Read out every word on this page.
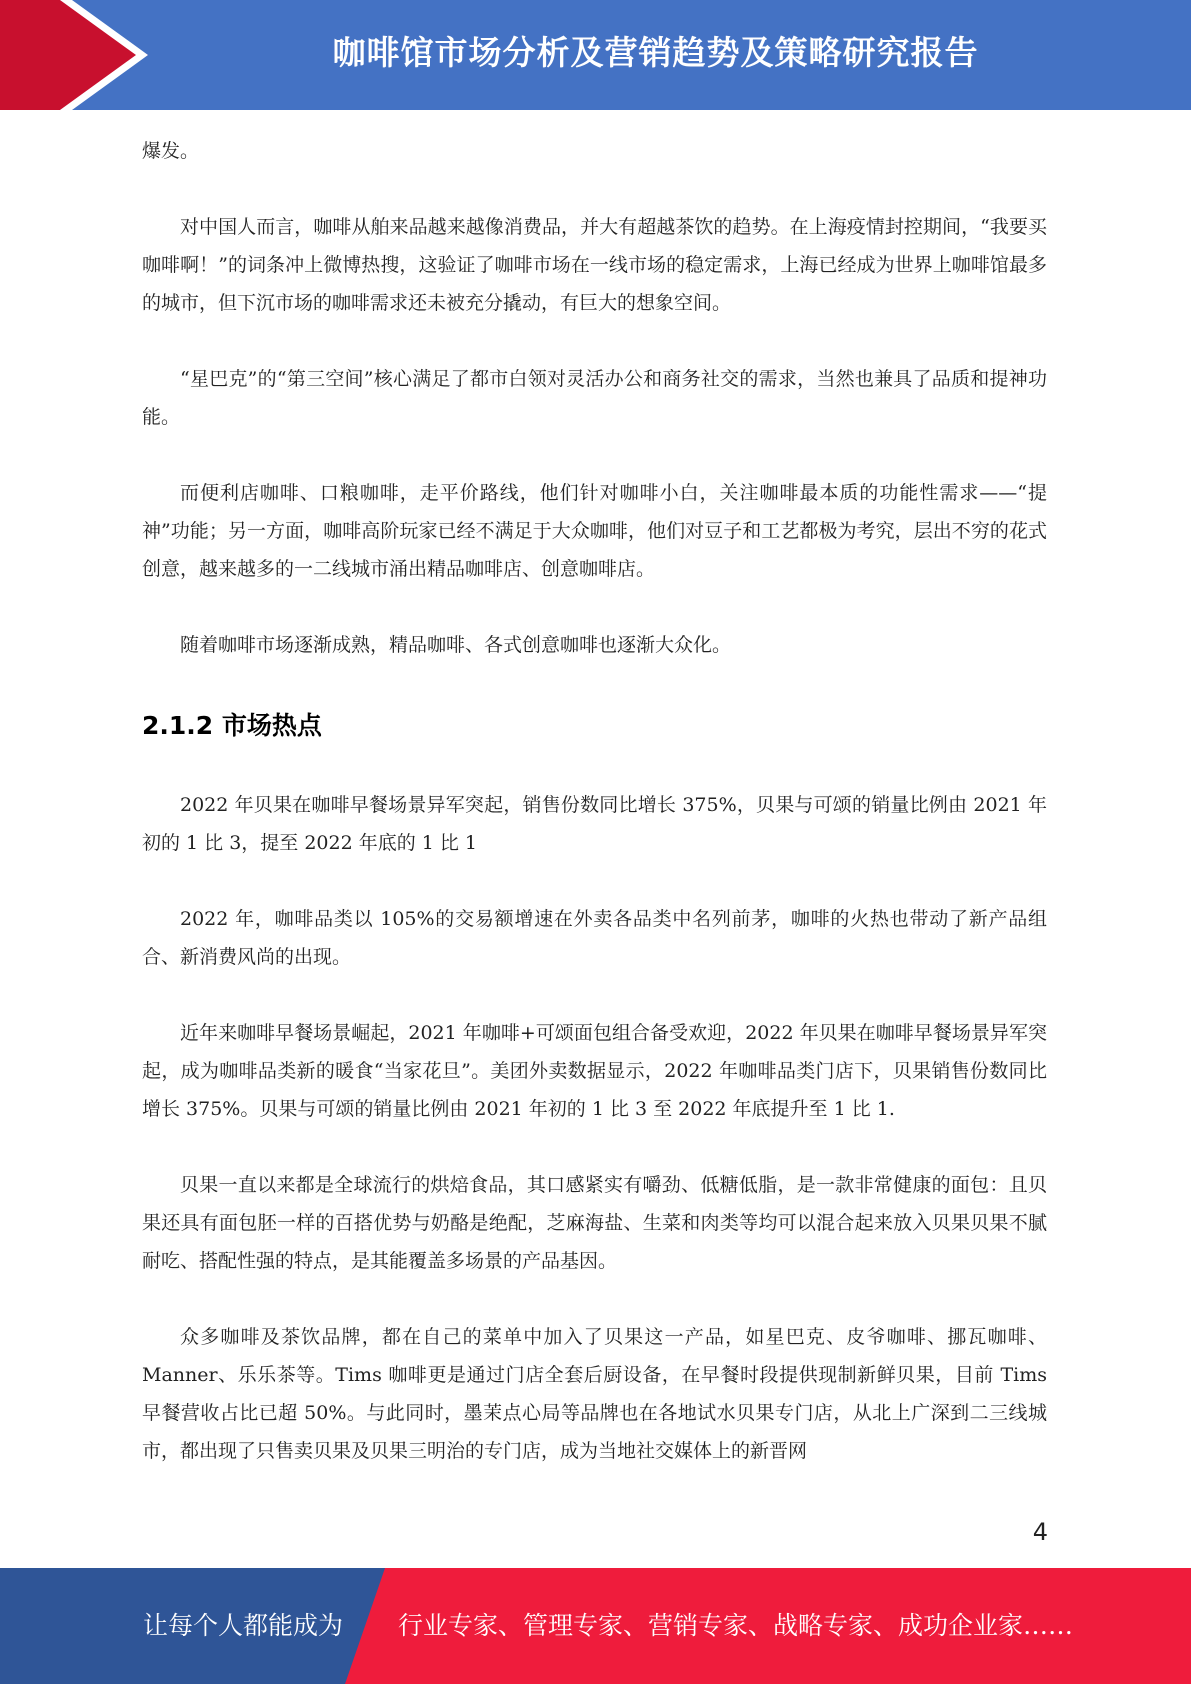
咖啡馆市场分析及营销趋势及策略研究报告

爆发。

对中国人而言，咖啡从舶来品越来越像消费品，并大有超越茶饮的趋势。在上海疫情封控期间，“我要买咖啡啊！”的词条冲上微博热搜，这验证了咖啡市场在一线市场的稳定需求，上海已经成为世界上咖啡馆最多的城市，但下沉市场的咖啡需求还未被充分撬动，有巨大的想象空间。

“星巴克”的“第三空间”核心满足了都市白领对灵活办公和商务社交的需求，当然也兼具了品质和提神功能。

而便利店咖啡、口粮咖啡，走平价路线，他们针对咖啡小白，关注咖啡最本质的功能性需求——“提神”功能；另一方面，咖啡高阶玩家已经不满足于大众咖啡，他们对豆子和工艺都极为考究，层出不穷的花式创意，越来越多的一二线城市涌出精品咖啡店、创意咖啡店。

随着咖啡市场逐渐成熟，精品咖啡、各式创意咖啡也逐渐大众化。

2.1.2 市场热点

2022 年贝果在咖啡早餐场景异军突起，销售份数同比增长 375%，贝果与可颂的销量比例由 2021 年初的 1 比 3，提至 2022 年底的 1 比 1

2022 年，咖啡品类以 105%的交易额增速在外卖各品类中名列前茅，咖啡的火热也带动了新产品组合、新消费风尚的出现。

近年来咖啡早餐场景崛起，2021 年咖啡+可颂面包组合备受欢迎，2022 年贝果在咖啡早餐场景异军突起，成为咖啡品类新的暖食“当家花旦”。美团外卖数据显示，2022 年咖啡品类门店下，贝果销售份数同比增长 375%。贝果与可颂的销量比例由 2021 年初的 1 比 3 至 2022 年底提升至 1 比 1.

贝果一直以来都是全球流行的烘焙食品，其口感紧实有嚼劲、低糖低脂，是一款非常健康的面包：且贝果还具有面包胚一样的百搭优势与奶酪是绝配，芝麻海盐、生菜和肉类等均可以混合起来放入贝果贝果不腻耐吃、搭配性强的特点，是其能覆盖多场景的产品基因。

众多咖啡及茶饮品牌，都在自己的菜单中加入了贝果这一产品，如星巴克、皮爷咖啡、挪瓦咖啡、Manner、乐乐茶等。Tims 咖啡更是通过门店全套后厨设备，在早餐时段提供现制新鲜贝果，目前 Tims 早餐营收占比已超 50%。与此同时，墨茉点心局等品牌也在各地试水贝果专门店，从北上广深到二三线城市，都出现了只售卖贝果及贝果三明治的专门店，成为当地社交媒体上的新晋网

4
让每个人都能成为 行业专家、管理专家、营销专家、战略专家、成功企业家……
